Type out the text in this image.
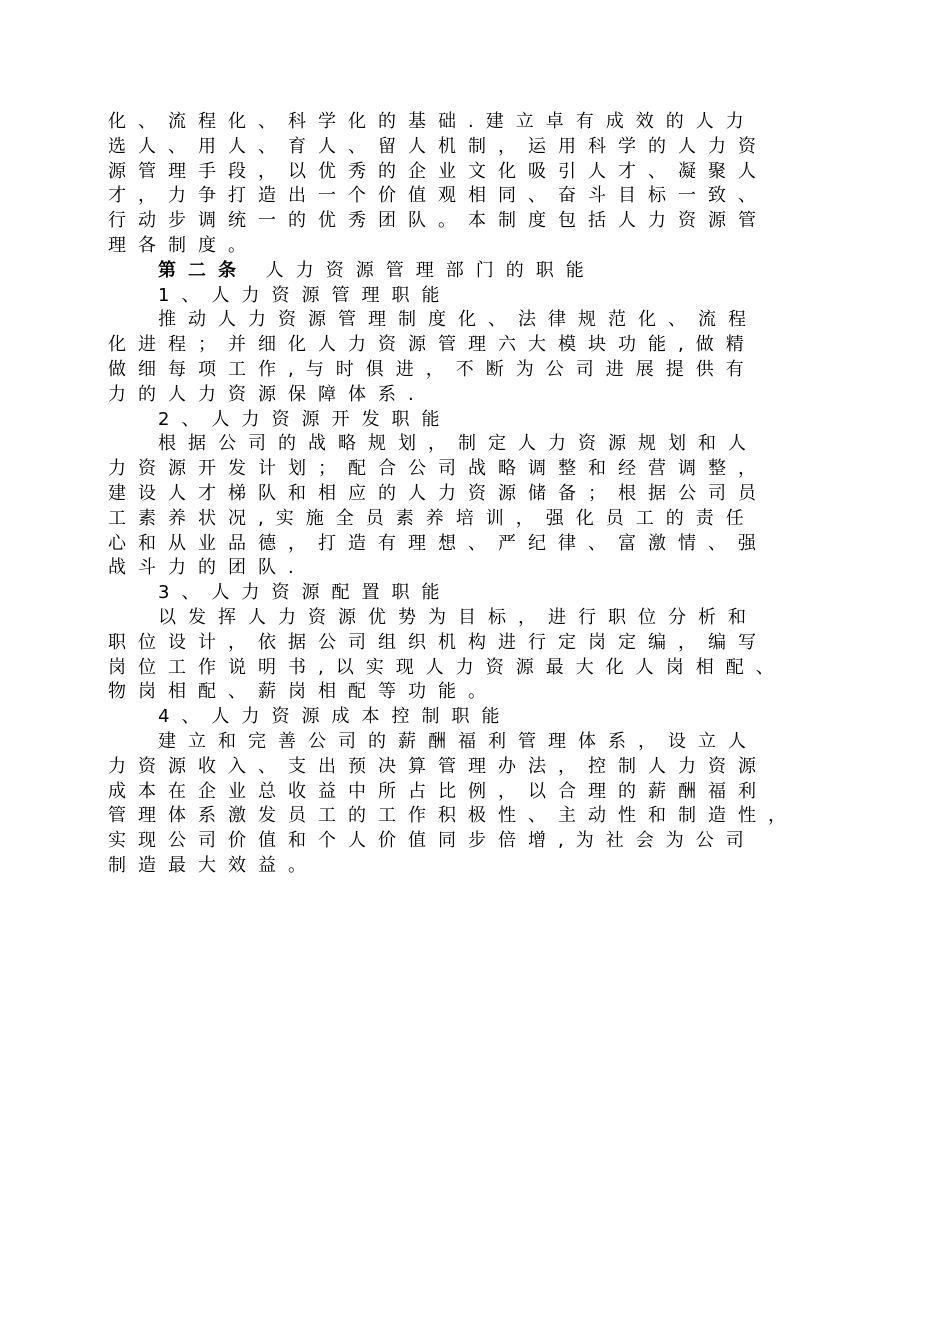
化、流程化、科学化的基础.建立卓有成效的人力
选人、用人、育人、留人机制，运用科学的人力资
源管理手段，以优秀的企业文化吸引人才、凝聚人
才，力争打造出一个价值观相同、奋斗目标一致、
行动步调统一的优秀团队。本制度包括人力资源管
理各制度。
第二条 人力资源管理部门的职能
1、人力资源管理职能
推动人力资源管理制度化、法律规范化、流程
化进程；并细化人力资源管理六大模块功能,做精
做细每项工作,与时俱进，不断为公司进展提供有
力的人力资源保障体系.
2、人力资源开发职能
根据公司的战略规划，制定人力资源规划和人
力资源开发计划；配合公司战略调整和经营调整，
建设人才梯队和相应的人力资源储备；根据公司员
工素养状况,实施全员素养培训，强化员工的责任
心和从业品德，打造有理想、严纪律、富激情、强
战斗力的团队.
3、人力资源配置职能
以发挥人力资源优势为目标，进行职位分析和
职位设计，依据公司组织机构进行定岗定编，编写
岗位工作说明书,以实现人力资源最大化人岗相配、
物岗相配、薪岗相配等功能。
4、人力资源成本控制职能
建立和完善公司的薪酬福利管理体系，设立人
力资源收入、支出预决算管理办法，控制人力资源
成本在企业总收益中所占比例，以合理的薪酬福利
管理体系激发员工的工作积极性、主动性和制造性，
实现公司价值和个人价值同步倍增,为社会为公司
制造最大效益。
